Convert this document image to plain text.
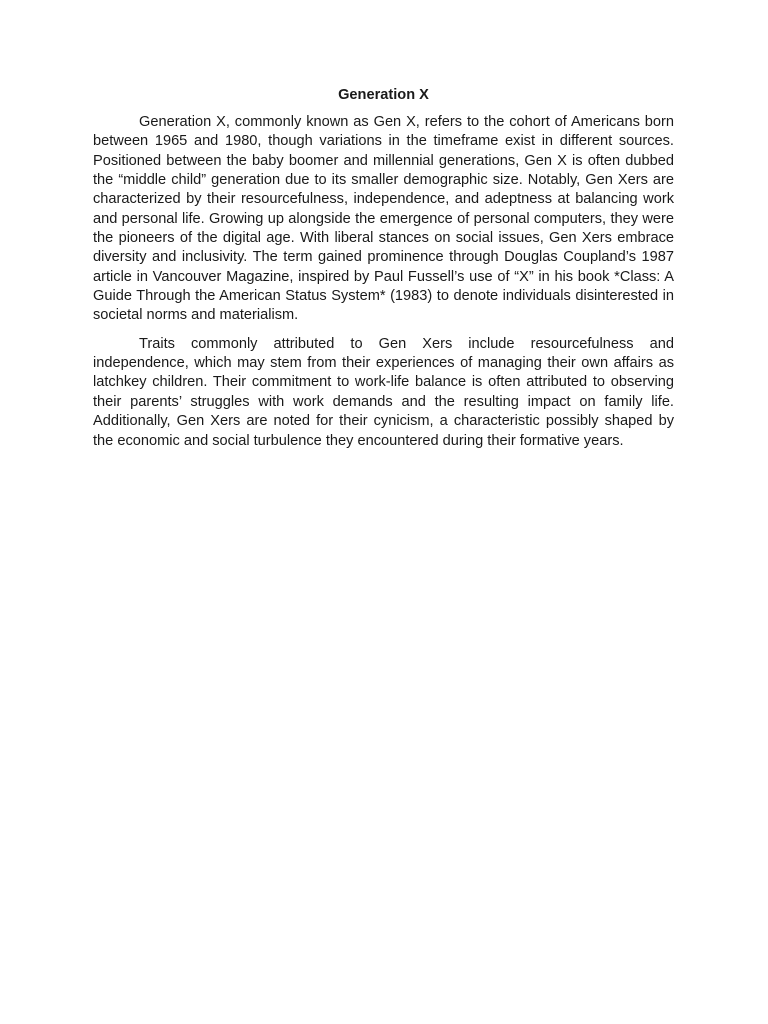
Generation X

Generation X, commonly known as Gen X, refers to the cohort of Americans born between 1965 and 1980, though variations in the timeframe exist in different sources. Positioned between the baby boomer and millennial generations, Gen X is often dubbed the “middle child” generation due to its smaller demographic size. Notably, Gen Xers are characterized by their resourcefulness, independence, and adeptness at balancing work and personal life. Growing up alongside the emergence of personal computers, they were the pioneers of the digital age. With liberal stances on social issues, Gen Xers embrace diversity and inclusivity. The term gained prominence through Douglas Coupland’s 1987 article in Vancouver Magazine, inspired by Paul Fussell’s use of “X” in his book *Class: A Guide Through the American Status System* (1983) to denote individuals disinterested in societal norms and materialism.

Traits commonly attributed to Gen Xers include resourcefulness and independence, which may stem from their experiences of managing their own affairs as latchkey children. Their commitment to work-life balance is often attributed to observing their parents’ struggles with work demands and the resulting impact on family life. Additionally, Gen Xers are noted for their cynicism, a characteristic possibly shaped by the economic and social turbulence they encountered during their formative years.
